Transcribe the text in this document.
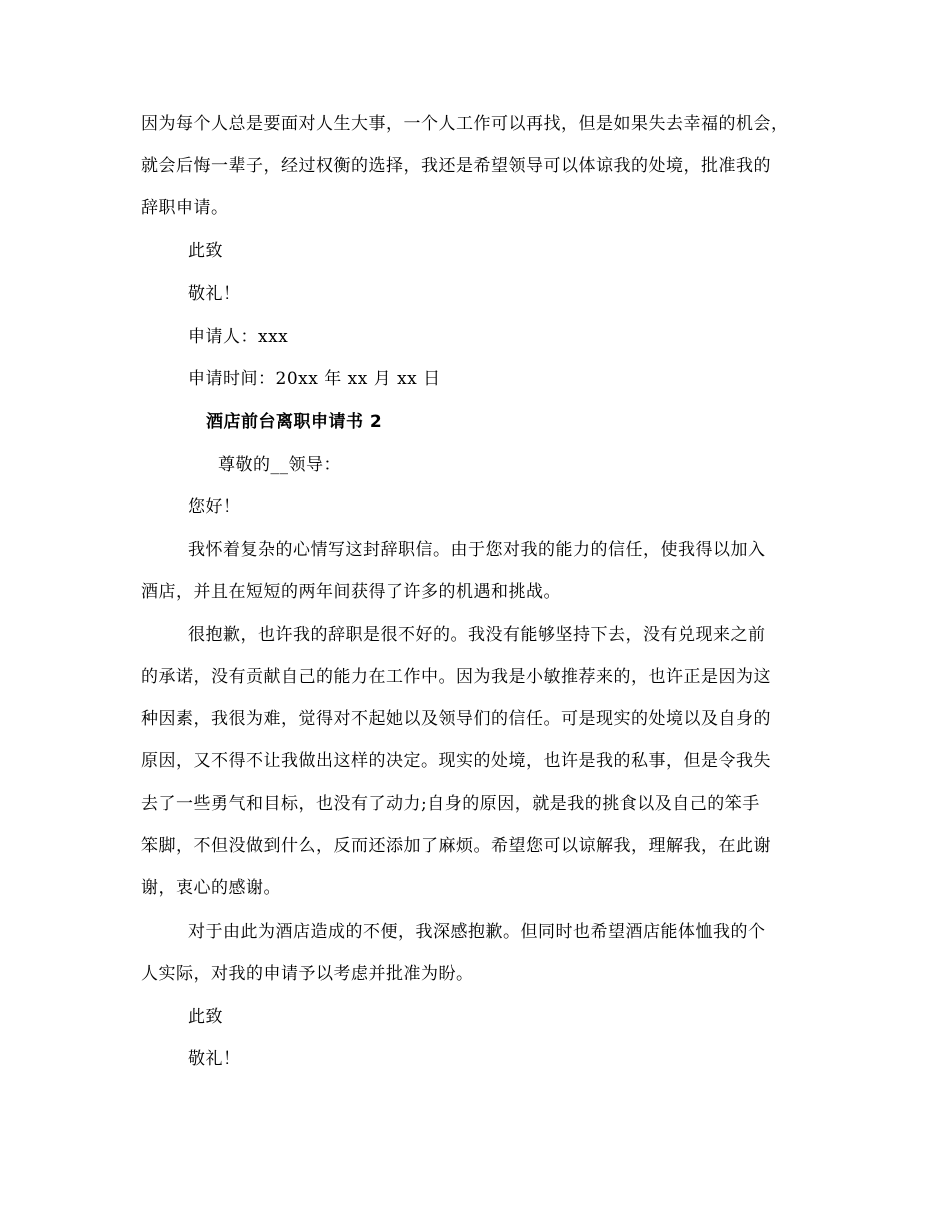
因为每个人总是要面对人生大事，一个人工作可以再找，但是如果失去幸福的机会，
就会后悔一辈子，经过权衡的选择，我还是希望领导可以体谅我的处境，批准我的
辞职申请。
此致
敬礼！
申请人：xxx
申请时间：20xx 年 xx 月 xx 日
酒店前台离职申请书 2
尊敬的__领导：
您好！
我怀着复杂的心情写这封辞职信。由于您对我的能力的信任，使我得以加入
酒店，并且在短短的两年间获得了许多的机遇和挑战。
很抱歉，也许我的辞职是很不好的。我没有能够坚持下去，没有兑现来之前
的承诺，没有贡献自己的能力在工作中。因为我是小敏推荐来的，也许正是因为这
种因素，我很为难，觉得对不起她以及领导们的信任。可是现实的处境以及自身的
原因，又不得不让我做出这样的决定。现实的处境，也许是我的私事，但是令我失
去了一些勇气和目标，也没有了动力;自身的原因，就是我的挑食以及自己的笨手
笨脚，不但没做到什么，反而还添加了麻烦。希望您可以谅解我，理解我，在此谢
谢，衷心的感谢。
对于由此为酒店造成的不便，我深感抱歉。但同时也希望酒店能体恤我的个
人实际，对我的申请予以考虑并批准为盼。
此致
敬礼！
